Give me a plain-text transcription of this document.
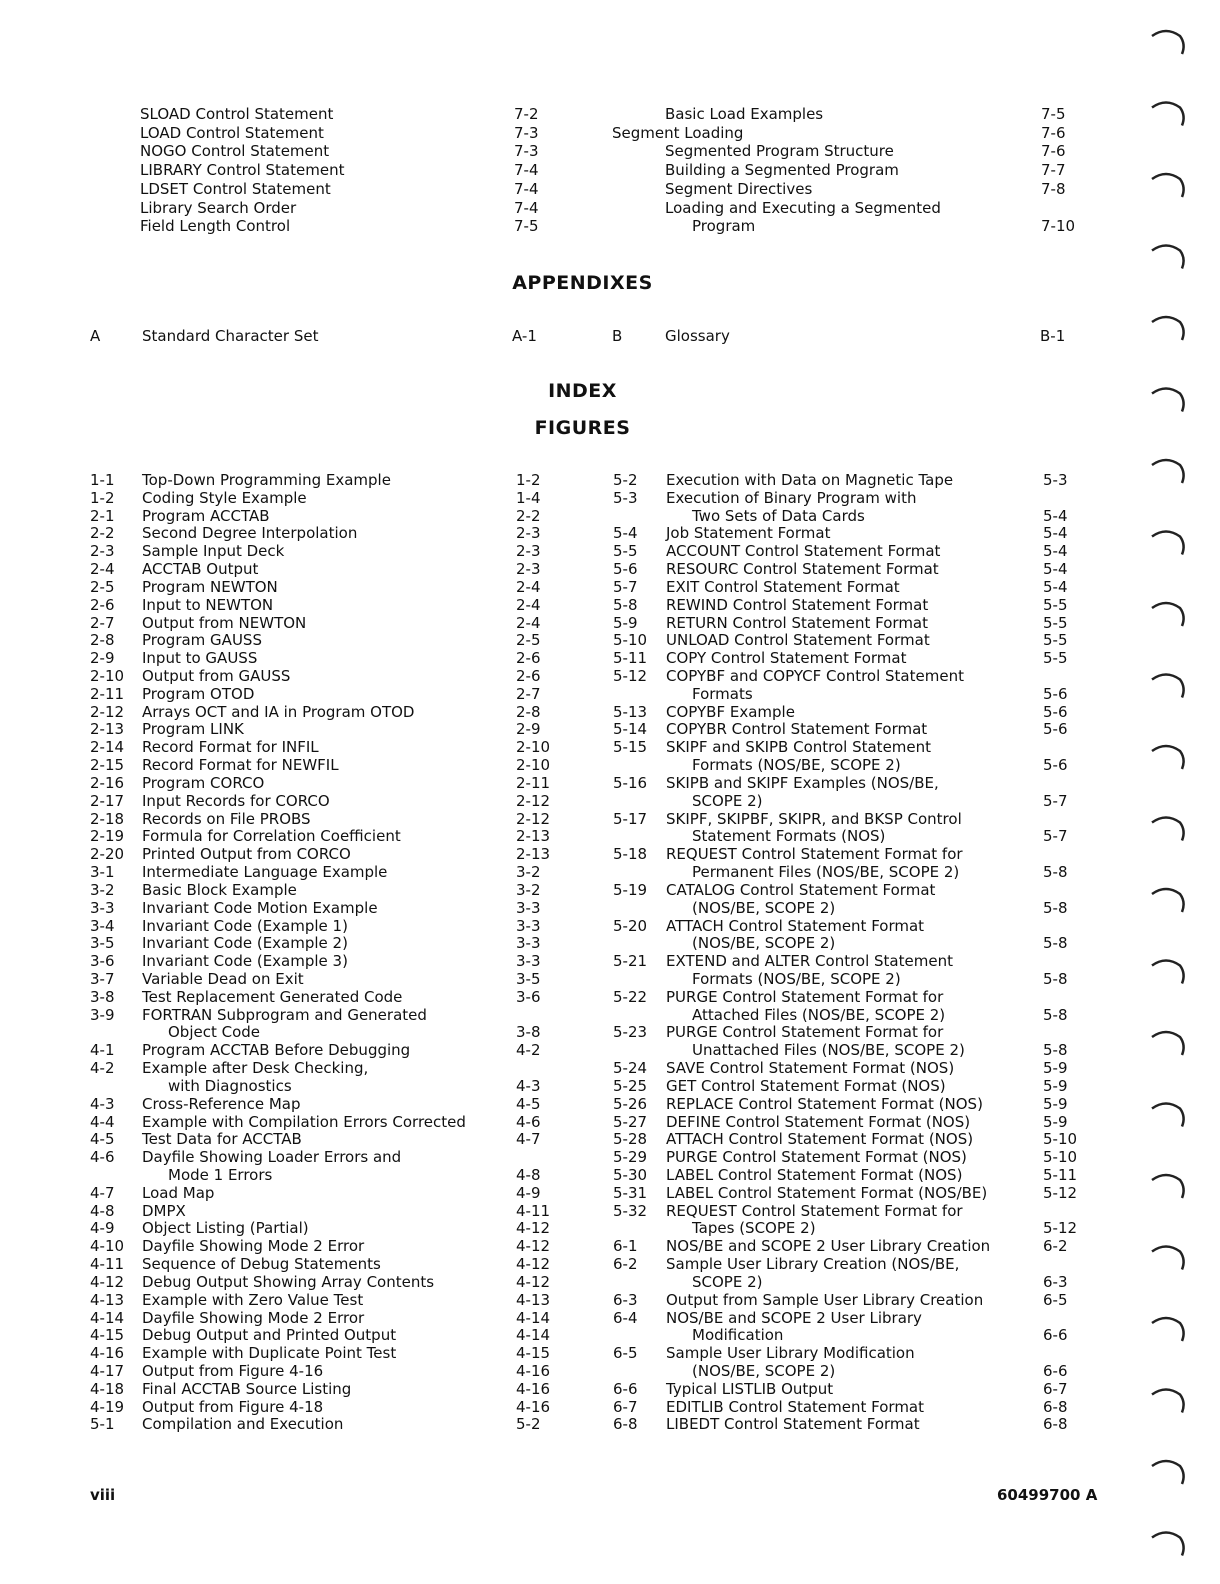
SLOAD Control Statement	7-2
LOAD Control Statement	7-3
NOGO Control Statement	7-3
LIBRARY Control Statement	7-4
LDSET Control Statement	7-4
Library Search Order	7-4
Field Length Control	7-5
Basic Load Examples	7-5
Segment Loading	7-6
Segmented Program Structure	7-6
Building a Segmented Program	7-7
Segment Directives	7-8
Loading and Executing a Segmented
Program	7-10
APPENDIXES
A	Standard Character Set	A-1	B	Glossary	B-1
INDEX
FIGURES
1-1 Top-Down Programming Example	1-2
1-2 Coding Style Example	1-4
2-1 Program ACCTAB	2-2
2-2 Second Degree Interpolation	2-3
2-3 Sample Input Deck	2-3
2-4 ACCTAB Output	2-3
2-5 Program NEWTON	2-4
2-6 Input to NEWTON	2-4
2-7 Output from NEWTON	2-4
2-8 Program GAUSS	2-5
2-9 Input to GAUSS	2-6
2-10 Output from GAUSS	2-6
2-11 Program OTOD	2-7
2-12 Arrays OCT and IA in Program OTOD	2-8
2-13 Program LINK	2-9
2-14 Record Format for INFIL	2-10
2-15 Record Format for NEWFIL	2-10
2-16 Program CORCO	2-11
2-17 Input Records for CORCO	2-12
2-18 Records on File PROBS	2-12
2-19 Formula for Correlation Coefficient	2-13
2-20 Printed Output from CORCO	2-13
3-1 Intermediate Language Example	3-2
3-2 Basic Block Example	3-2
3-3 Invariant Code Motion Example	3-3
3-4 Invariant Code (Example 1)	3-3
3-5 Invariant Code (Example 2)	3-3
3-6 Invariant Code (Example 3)	3-3
3-7 Variable Dead on Exit	3-5
3-8 Test Replacement Generated Code	3-6
3-9 FORTRAN Subprogram and Generated
Object Code	3-8
4-1 Program ACCTAB Before Debugging	4-2
4-2 Example after Desk Checking,
with Diagnostics	4-3
4-3 Cross-Reference Map	4-5
4-4 Example with Compilation Errors Corrected	4-6
4-5 Test Data for ACCTAB	4-7
4-6 Dayfile Showing Loader Errors and
Mode 1 Errors	4-8
4-7 Load Map	4-9
4-8 DMPX	4-11
4-9 Object Listing (Partial)	4-12
4-10 Dayfile Showing Mode 2 Error	4-12
4-11 Sequence of Debug Statements	4-12
4-12 Debug Output Showing Array Contents	4-12
4-13 Example with Zero Value Test	4-13
4-14 Dayfile Showing Mode 2 Error	4-14
4-15 Debug Output and Printed Output	4-14
4-16 Example with Duplicate Point Test	4-15
4-17 Output from Figure 4-16	4-16
4-18 Final ACCTAB Source Listing	4-16
4-19 Output from Figure 4-18	4-16
5-1 Compilation and Execution	5-2
5-2 Execution with Data on Magnetic Tape	5-3
5-3 Execution of Binary Program with
Two Sets of Data Cards	5-4
5-4 Job Statement Format	5-4
5-5 ACCOUNT Control Statement Format	5-4
5-6 RESOURC Control Statement Format	5-4
5-7 EXIT Control Statement Format	5-4
5-8 REWIND Control Statement Format	5-5
5-9 RETURN Control Statement Format	5-5
5-10 UNLOAD Control Statement Format	5-5
5-11 COPY Control Statement Format	5-5
5-12 COPYBF and COPYCF Control Statement
Formats	5-6
5-13 COPYBF Example	5-6
5-14 COPYBR Control Statement Format	5-6
5-15 SKIPF and SKIPB Control Statement
Formats (NOS/BE, SCOPE 2)	5-6
5-16 SKIPB and SKIPF Examples (NOS/BE,
SCOPE 2)	5-7
5-17 SKIPF, SKIPBF, SKIPR, and BKSP Control
Statement Formats (NOS)	5-7
5-18 REQUEST Control Statement Format for
Permanent Files (NOS/BE, SCOPE 2)	5-8
5-19 CATALOG Control Statement Format
(NOS/BE, SCOPE 2)	5-8
5-20 ATTACH Control Statement Format
(NOS/BE, SCOPE 2)	5-8
5-21 EXTEND and ALTER Control Statement
Formats (NOS/BE, SCOPE 2)	5-8
5-22 PURGE Control Statement Format for
Attached Files (NOS/BE, SCOPE 2)	5-8
5-23 PURGE Control Statement Format for
Unattached Files (NOS/BE, SCOPE 2)	5-8
5-24 SAVE Control Statement Format (NOS)	5-9
5-25 GET Control Statement Format (NOS)	5-9
5-26 REPLACE Control Statement Format (NOS)	5-9
5-27 DEFINE Control Statement Format (NOS)	5-9
5-28 ATTACH Control Statement Format (NOS)	5-10
5-29 PURGE Control Statement Format (NOS)	5-10
5-30 LABEL Control Statement Format (NOS)	5-11
5-31 LABEL Control Statement Format (NOS/BE)	5-12
5-32 REQUEST Control Statement Format for
Tapes (SCOPE 2)	5-12
6-1 NOS/BE and SCOPE 2 User Library Creation	6-2
6-2 Sample User Library Creation (NOS/BE,
SCOPE 2)	6-3
6-3 Output from Sample User Library Creation	6-5
6-4 NOS/BE and SCOPE 2 User Library
Modification	6-6
6-5 Sample User Library Modification
(NOS/BE, SCOPE 2)	6-6
6-6 Typical LISTLIB Output	6-7
6-7 EDITLIB Control Statement Format	6-8
6-8 LIBEDT Control Statement Format	6-8
viii	60499700 A
